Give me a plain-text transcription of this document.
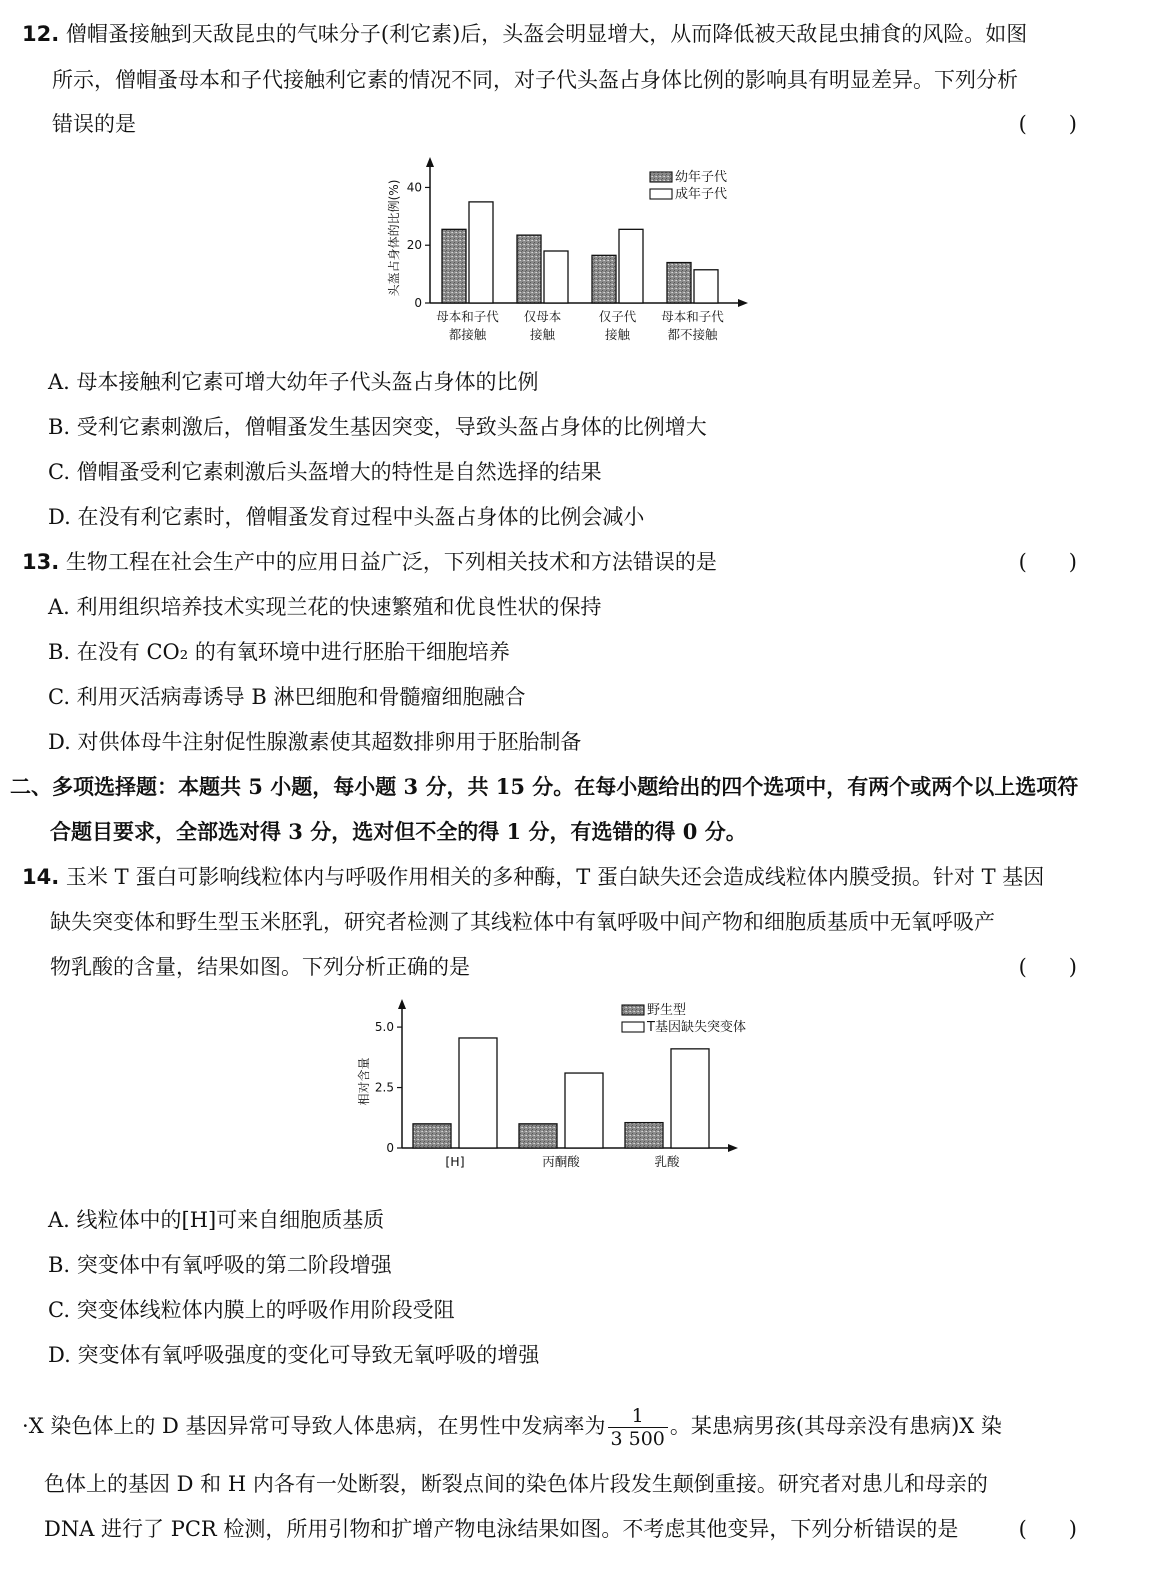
12. 僧帽蚤接触到天敌昆虫的气味分子(利它素)后，头盔会明显增大，从而降低被天敌昆虫捕食的风险。如图
所示，僧帽蚤母本和子代接触利它素的情况不同，对子代头盔占身体比例的影响具有明显差异。下列分析
错误的是	(　　)
0
20
40
头盔占身体的比例(%)
母本和子代
都接触
仅母本
接触
仅子代
接触
母本和子代
都不接触
幼年子代
成年子代
A. 母本接触利它素可增大幼年子代头盔占身体的比例
B. 受利它素刺激后，僧帽蚤发生基因突变，导致头盔占身体的比例增大
C. 僧帽蚤受利它素刺激后头盔增大的特性是自然选择的结果
D. 在没有利它素时，僧帽蚤发育过程中头盔占身体的比例会减小
13. 生物工程在社会生产中的应用日益广泛，下列相关技术和方法错误的是	(　　)
A. 利用组织培养技术实现兰花的快速繁殖和优良性状的保持
B. 在没有 CO₂ 的有氧环境中进行胚胎干细胞培养
C. 利用灭活病毒诱导 B 淋巴细胞和骨髓瘤细胞融合
D. 对供体母牛注射促性腺激素使其超数排卵用于胚胎制备
二、多项选择题：本题共 5 小题，每小题 3 分，共 15 分。在每小题给出的四个选项中，有两个或两个以上选项符
合题目要求，全部选对得 3 分，选对但不全的得 1 分，有选错的得 0 分。
14. 玉米 T 蛋白可影响线粒体内与呼吸作用相关的多种酶，T 蛋白缺失还会造成线粒体内膜受损。针对 T 基因
缺失突变体和野生型玉米胚乳，研究者检测了其线粒体中有氧呼吸中间产物和细胞质基质中无氧呼吸产
物乳酸的含量，结果如图。下列分析正确的是	(　　)
0
2.5
5.0
相对含量
[H]	丙酮酸	乳酸
野生型
T基因缺失突变体
A. 线粒体中的[H]可来自细胞质基质
B. 突变体中有氧呼吸的第二阶段增强
C. 突变体线粒体内膜上的呼吸作用阶段受阻
D. 突变体有氧呼吸强度的变化可导致无氧呼吸的增强
·X 染色体上的 D 基因异常可导致人体患病，在男性中发病率为 $\frac{1}{3 500}$ 。某患病男孩(其母亲没有患病)X 染
色体上的基因 D 和 H 内各有一处断裂，断裂点间的染色体片段发生颠倒重接。研究者对患儿和母亲的
DNA 进行了 PCR 检测，所用引物和扩增产物电泳结果如图。不考虑其他变异，下列分析错误的是	(　　)
